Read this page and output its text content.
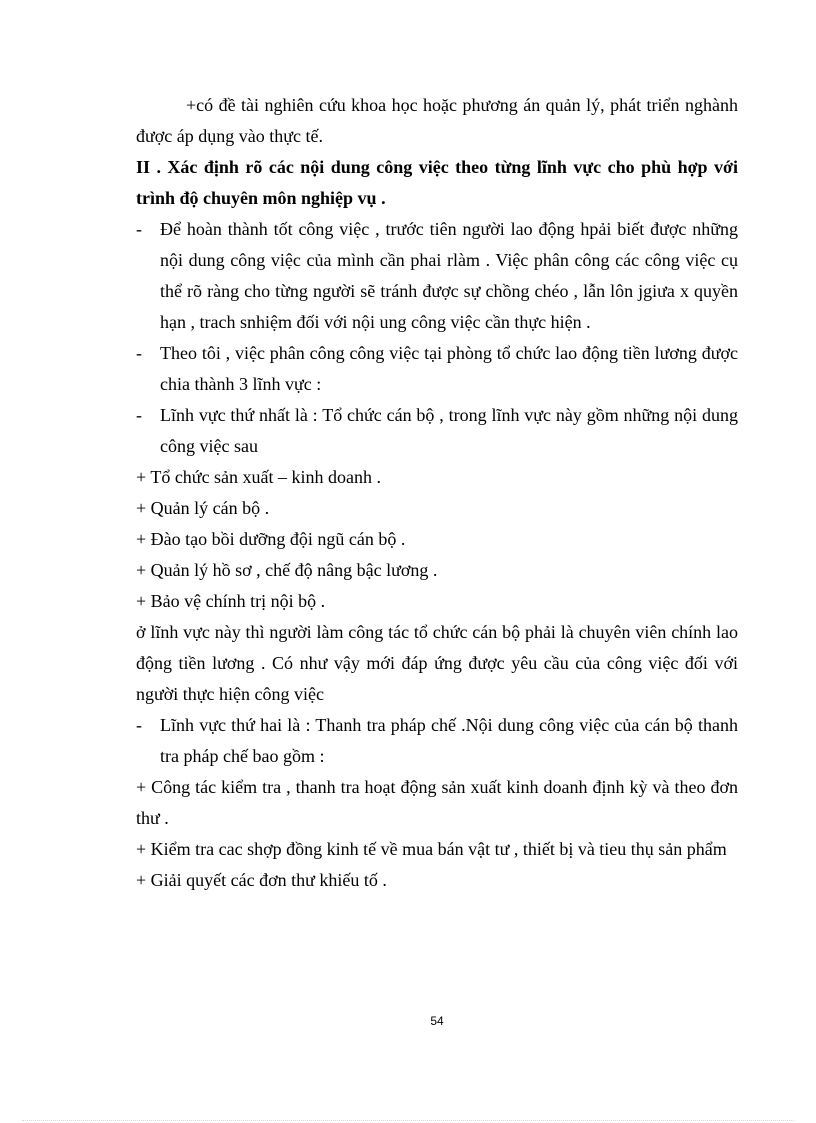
+có đề tài nghiên cứu khoa học hoặc phương án quản lý, phát triển nghành được áp dụng vào thực tế.

II . Xác định rõ các nội dung công việc theo từng lĩnh vực cho phù hợp với trình độ chuyên môn nghiệp vụ .

- Để hoàn thành tốt công việc , trước tiên người lao động hpải biết được những nội dung công việc của mình cần phai rlàm . Việc phân công các công việc cụ thể rõ ràng cho từng người sẽ tránh được sự chồng chéo , lẫn lôn jgiưa x quyền hạn , trach snhiệm đối với nội ung công việc cần thực hiện .
- Theo tôi , việc phân công công việc tại phòng tổ chức lao động tiền lương được chia thành 3 lĩnh vực :
- Lĩnh vực thứ nhất là : Tổ chức cán bộ , trong lĩnh vực này gồm những nội dung công việc sau

+ Tổ chức sản xuất – kinh doanh .

+ Quản lý cán bộ .

+ Đào tạo bồi dưỡng đội ngũ cán bộ .

+ Quản lý hồ sơ , chế độ nâng bậc lương .

+ Bảo vệ chính trị nội bộ .

ở lĩnh vực này thì người làm công tác tổ chức cán bộ phải là chuyên viên chính lao động tiền lương . Có như vậy mới đáp ứng được yêu cầu của công việc đối với người thực hiện công việc

- Lĩnh vực thứ hai là : Thanh tra pháp chế .Nội dung công việc của cán bộ thanh tra pháp chế bao gồm :

+ Công tác kiểm tra , thanh tra hoạt động sản xuất kinh doanh định kỳ và theo đơn thư .

+ Kiểm tra cac shợp đồng kinh tế về mua bán vật tư , thiết bị và tieu thụ sản phẩm

+ Giải quyết các đơn thư khiếu tố .

54
